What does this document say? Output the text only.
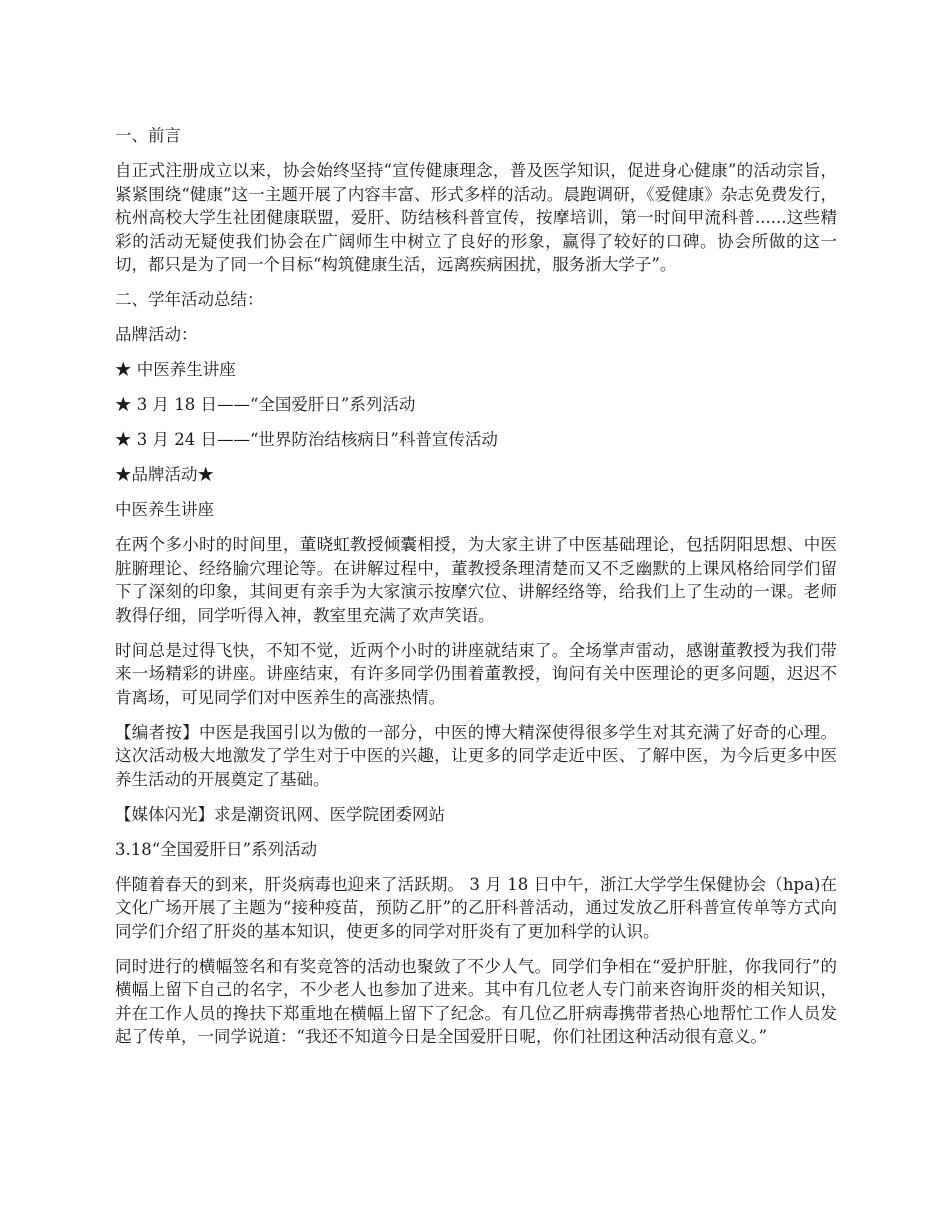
一、前言

自正式注册成立以来，协会始终坚持“宣传健康理念，普及医学知识，促进身心健康”的活动宗旨，紧紧围绕“健康”这一主题开展了内容丰富、形式多样的活动。晨跑调研，《爱健康》杂志免费发行，杭州高校大学生社团健康联盟，爱肝、防结核科普宣传，按摩培训，第一时间甲流科普......这些精彩的活动无疑使我们协会在广阔师生中树立了良好的形象，赢得了较好的口碑。协会所做的这一切，都只是为了同一个目标“构筑健康生活，远离疾病困扰，服务浙大学子”。

二、学年活动总结：

品牌活动：

★ 中医养生讲座

★ 3 月 18 日——“全国爱肝日”系列活动

★ 3 月 24 日——“世界防治结核病日”科普宣传活动

★品牌活动★

中医养生讲座

在两个多小时的时间里，董晓虹教授倾囊相授，为大家主讲了中医基础理论，包括阴阳思想、中医脏腑理论、经络腧穴理论等。在讲解过程中，董教授条理清楚而又不乏幽默的上课风格给同学们留下了深刻的印象，其间更有亲手为大家演示按摩穴位、讲解经络等，给我们上了生动的一课。老师教得仔细，同学听得入神，教室里充满了欢声笑语。

时间总是过得飞快，不知不觉，近两个小时的讲座就结束了。全场掌声雷动，感谢董教授为我们带来一场精彩的讲座。讲座结束，有许多同学仍围着董教授，询问有关中医理论的更多问题，迟迟不肯离场，可见同学们对中医养生的高涨热情。

【编者按】中医是我国引以为傲的一部分，中医的博大精深使得很多学生对其充满了好奇的心理。这次活动极大地激发了学生对于中医的兴趣，让更多的同学走近中医、了解中医，为今后更多中医养生活动的开展奠定了基础。

【媒体闪光】求是潮资讯网、医学院团委网站

3.18“全国爱肝日”系列活动

伴随着春天的到来，肝炎病毒也迎来了活跃期。 3 月 18 日中午，浙江大学学生保健协会（hpa)在文化广场开展了主题为“接种疫苗，预防乙肝”的乙肝科普活动，通过发放乙肝科普宣传单等方式向同学们介绍了肝炎的基本知识，使更多的同学对肝炎有了更加科学的认识。

同时进行的横幅签名和有奖竞答的活动也聚敛了不少人气。同学们争相在“爱护肝脏，你我同行”的横幅上留下自己的名字，不少老人也参加了进来。其中有几位老人专门前来咨询肝炎的相关知识，并在工作人员的搀扶下郑重地在横幅上留下了纪念。有几位乙肝病毒携带者热心地帮忙工作人员发起了传单，一同学说道：“我还不知道今日是全国爱肝日呢，你们社团这种活动很有意义。”
